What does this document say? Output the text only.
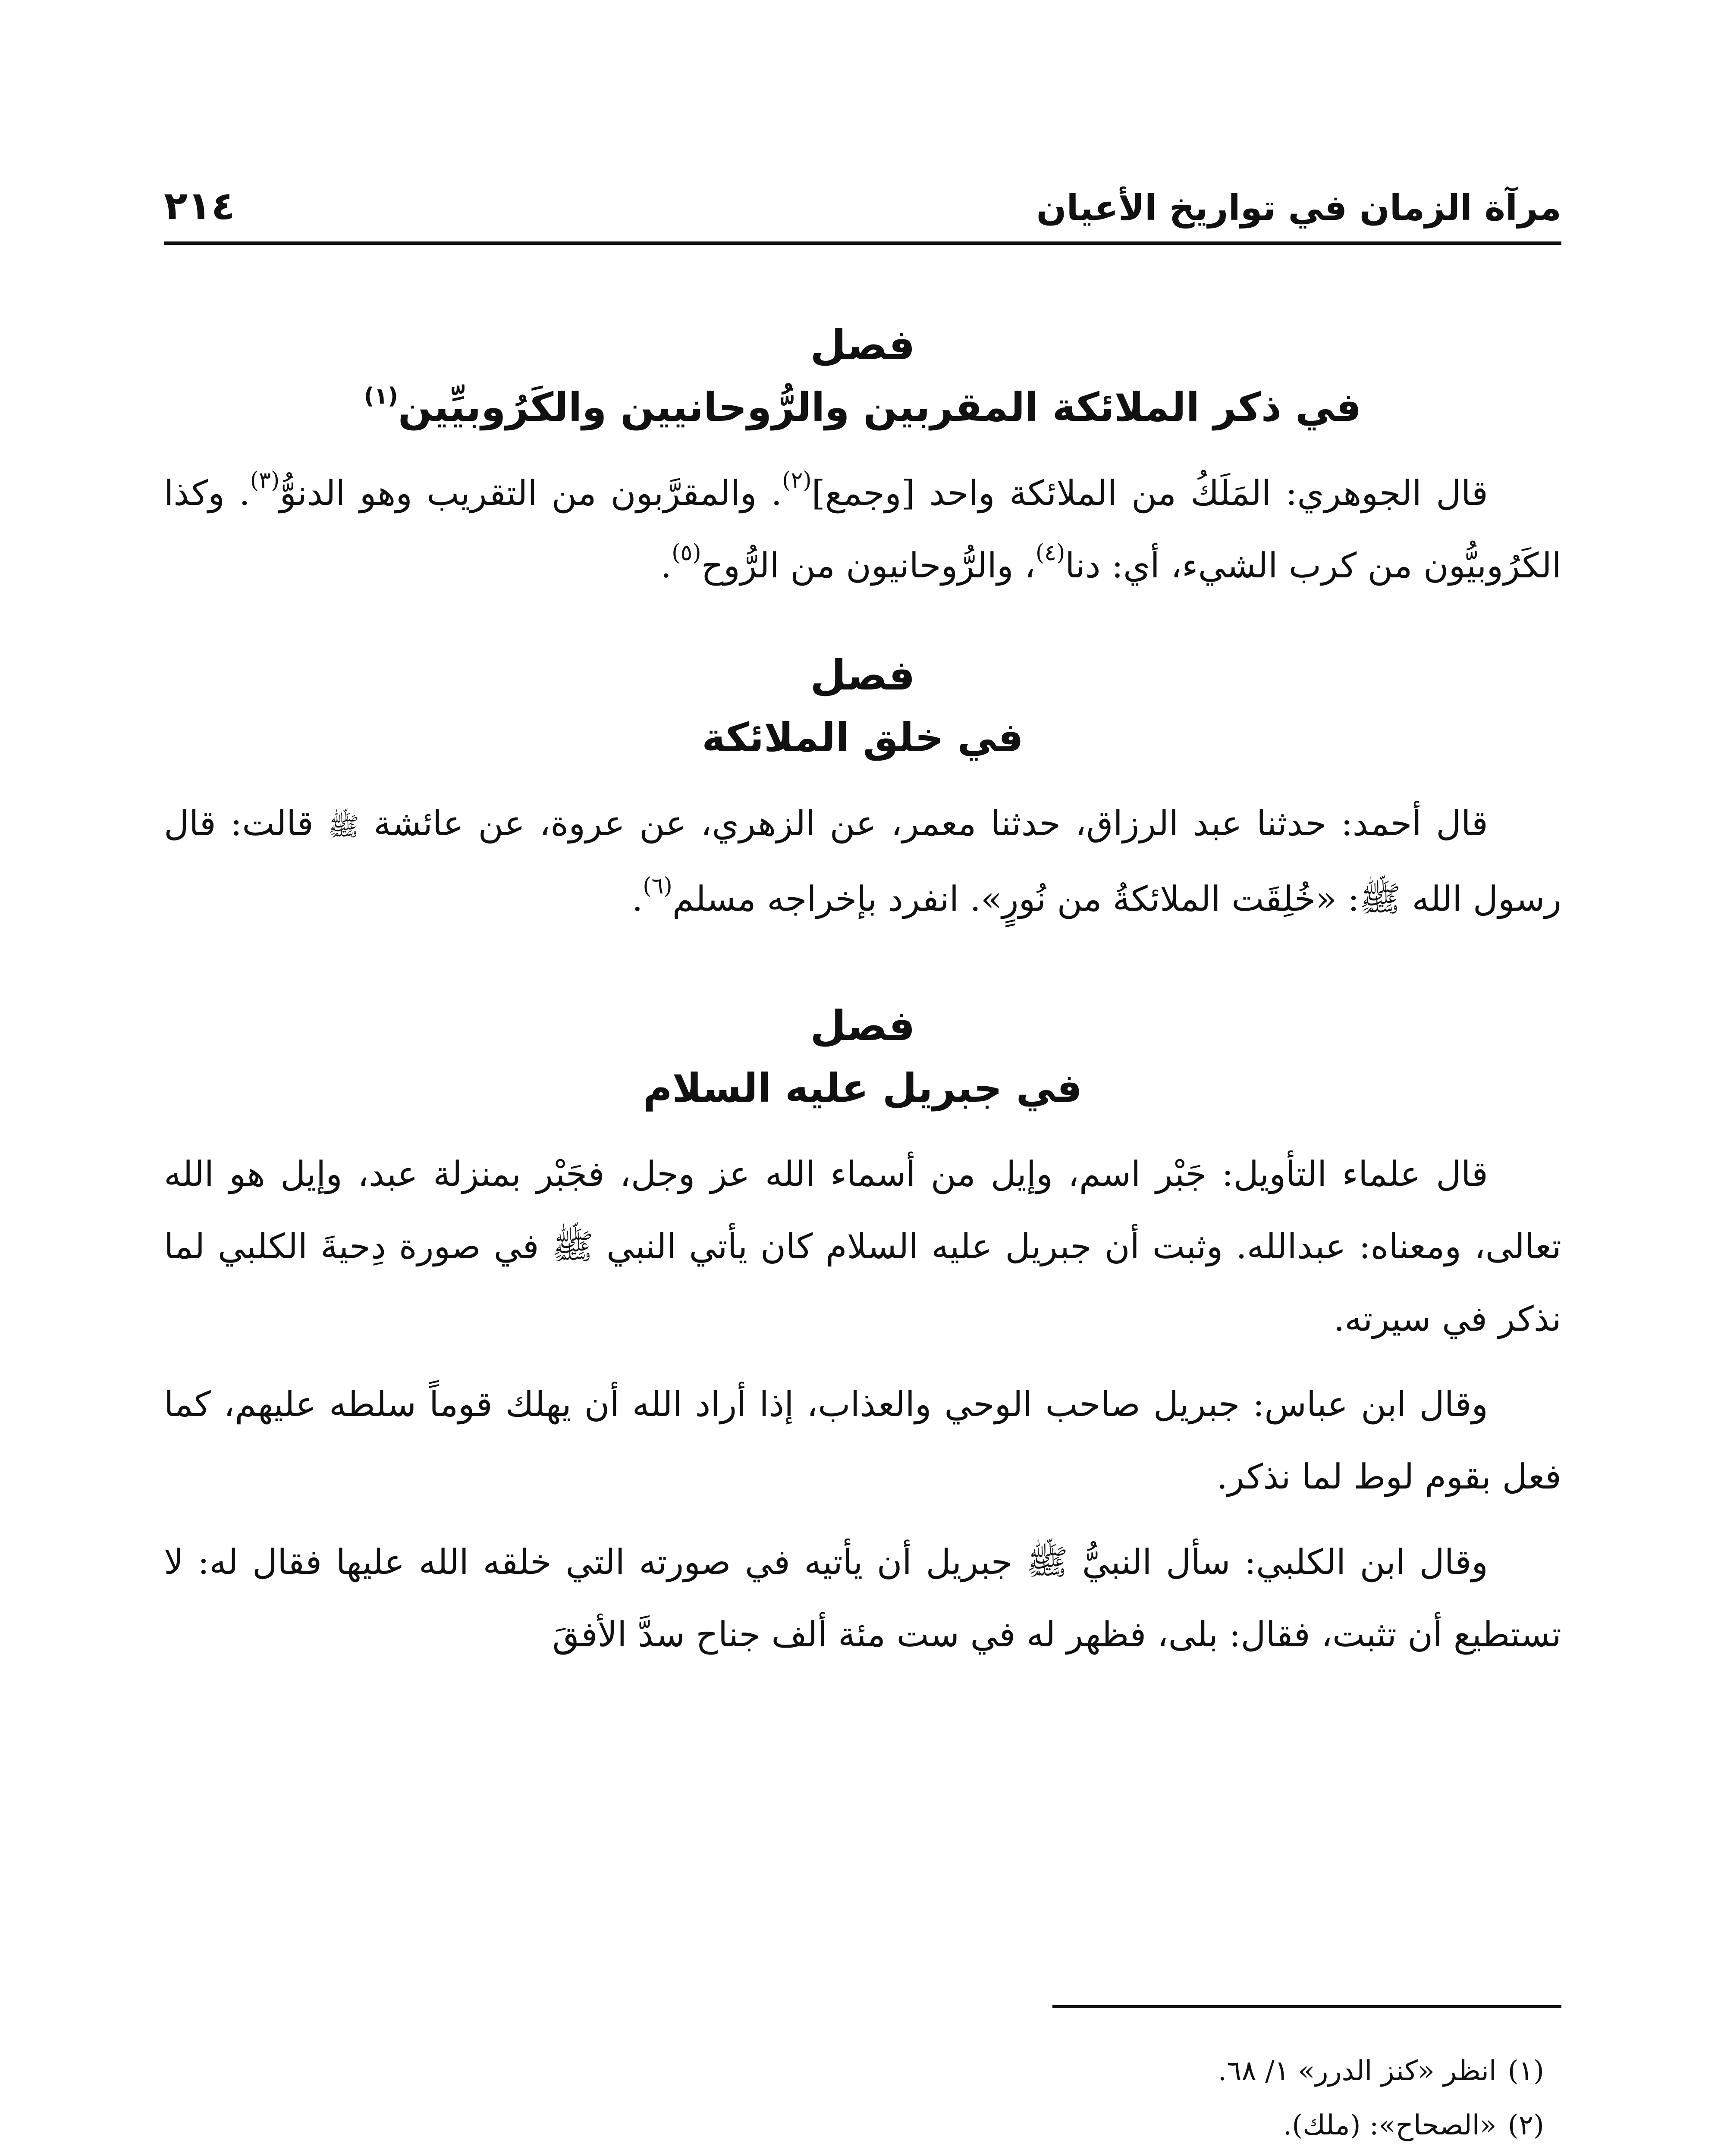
مرآة الزمان في تواريخ الأعيان
٢١٤

فصل

في ذكر الملائكة المقربين والرُّوحانيين والكَرُوبيِّين$^{(١)}$

قال الجوهري: المَلَكُ من الملائكة واحد [وجمع]$^{(٢)}$. والمقرَّبون من التقريب وهو الدنوُّ$^{(٣)}$. وكذا الكَرُوبيُّون من كرب الشيء، أي: دنا$^{(٤)}$، والرُّوحانيون من الرُّوح$^{(٥)}$.

فصل

في خلق الملائكة

قال أحمد: حدثنا عبد الرزاق، حدثنا معمر، عن الزهري، عن عروة، عن عائشة ﷺ قالت: قال رسول الله ﷺ: «خُلِقَت الملائكةُ من نُورٍ». انفرد بإخراجه مسلم$^{(٦)}$.

فصل

في جبريل عليه السلام

قال علماء التأويل: جَبْر اسم، وإيل من أسماء الله عز وجل، فجَبْر بمنزلة عبد، وإيل هو الله تعالى، ومعناه: عبدالله. وثبت أن جبريل عليه السلام كان يأتي النبي ﷺ في صورة دِحيةَ الكلبي لما نذكر في سيرته.

وقال ابن عباس: جبريل صاحب الوحي والعذاب، إذا أراد الله أن يهلك قوماً سلطه عليهم، كما فعل بقوم لوط لما نذكر.

وقال ابن الكلبي: سأل النبيُّ ﷺ جبريل أن يأتيه في صورته التي خلقه الله عليها فقال له: لا تستطيع أن تثبت، فقال: بلى، فظهر له في ست مئة ألف جناح سدَّ الأفقَ

(١)انظر «كنز الدرر» ١/ ٦٨.
(٢)«الصحاح»: (ملك).
